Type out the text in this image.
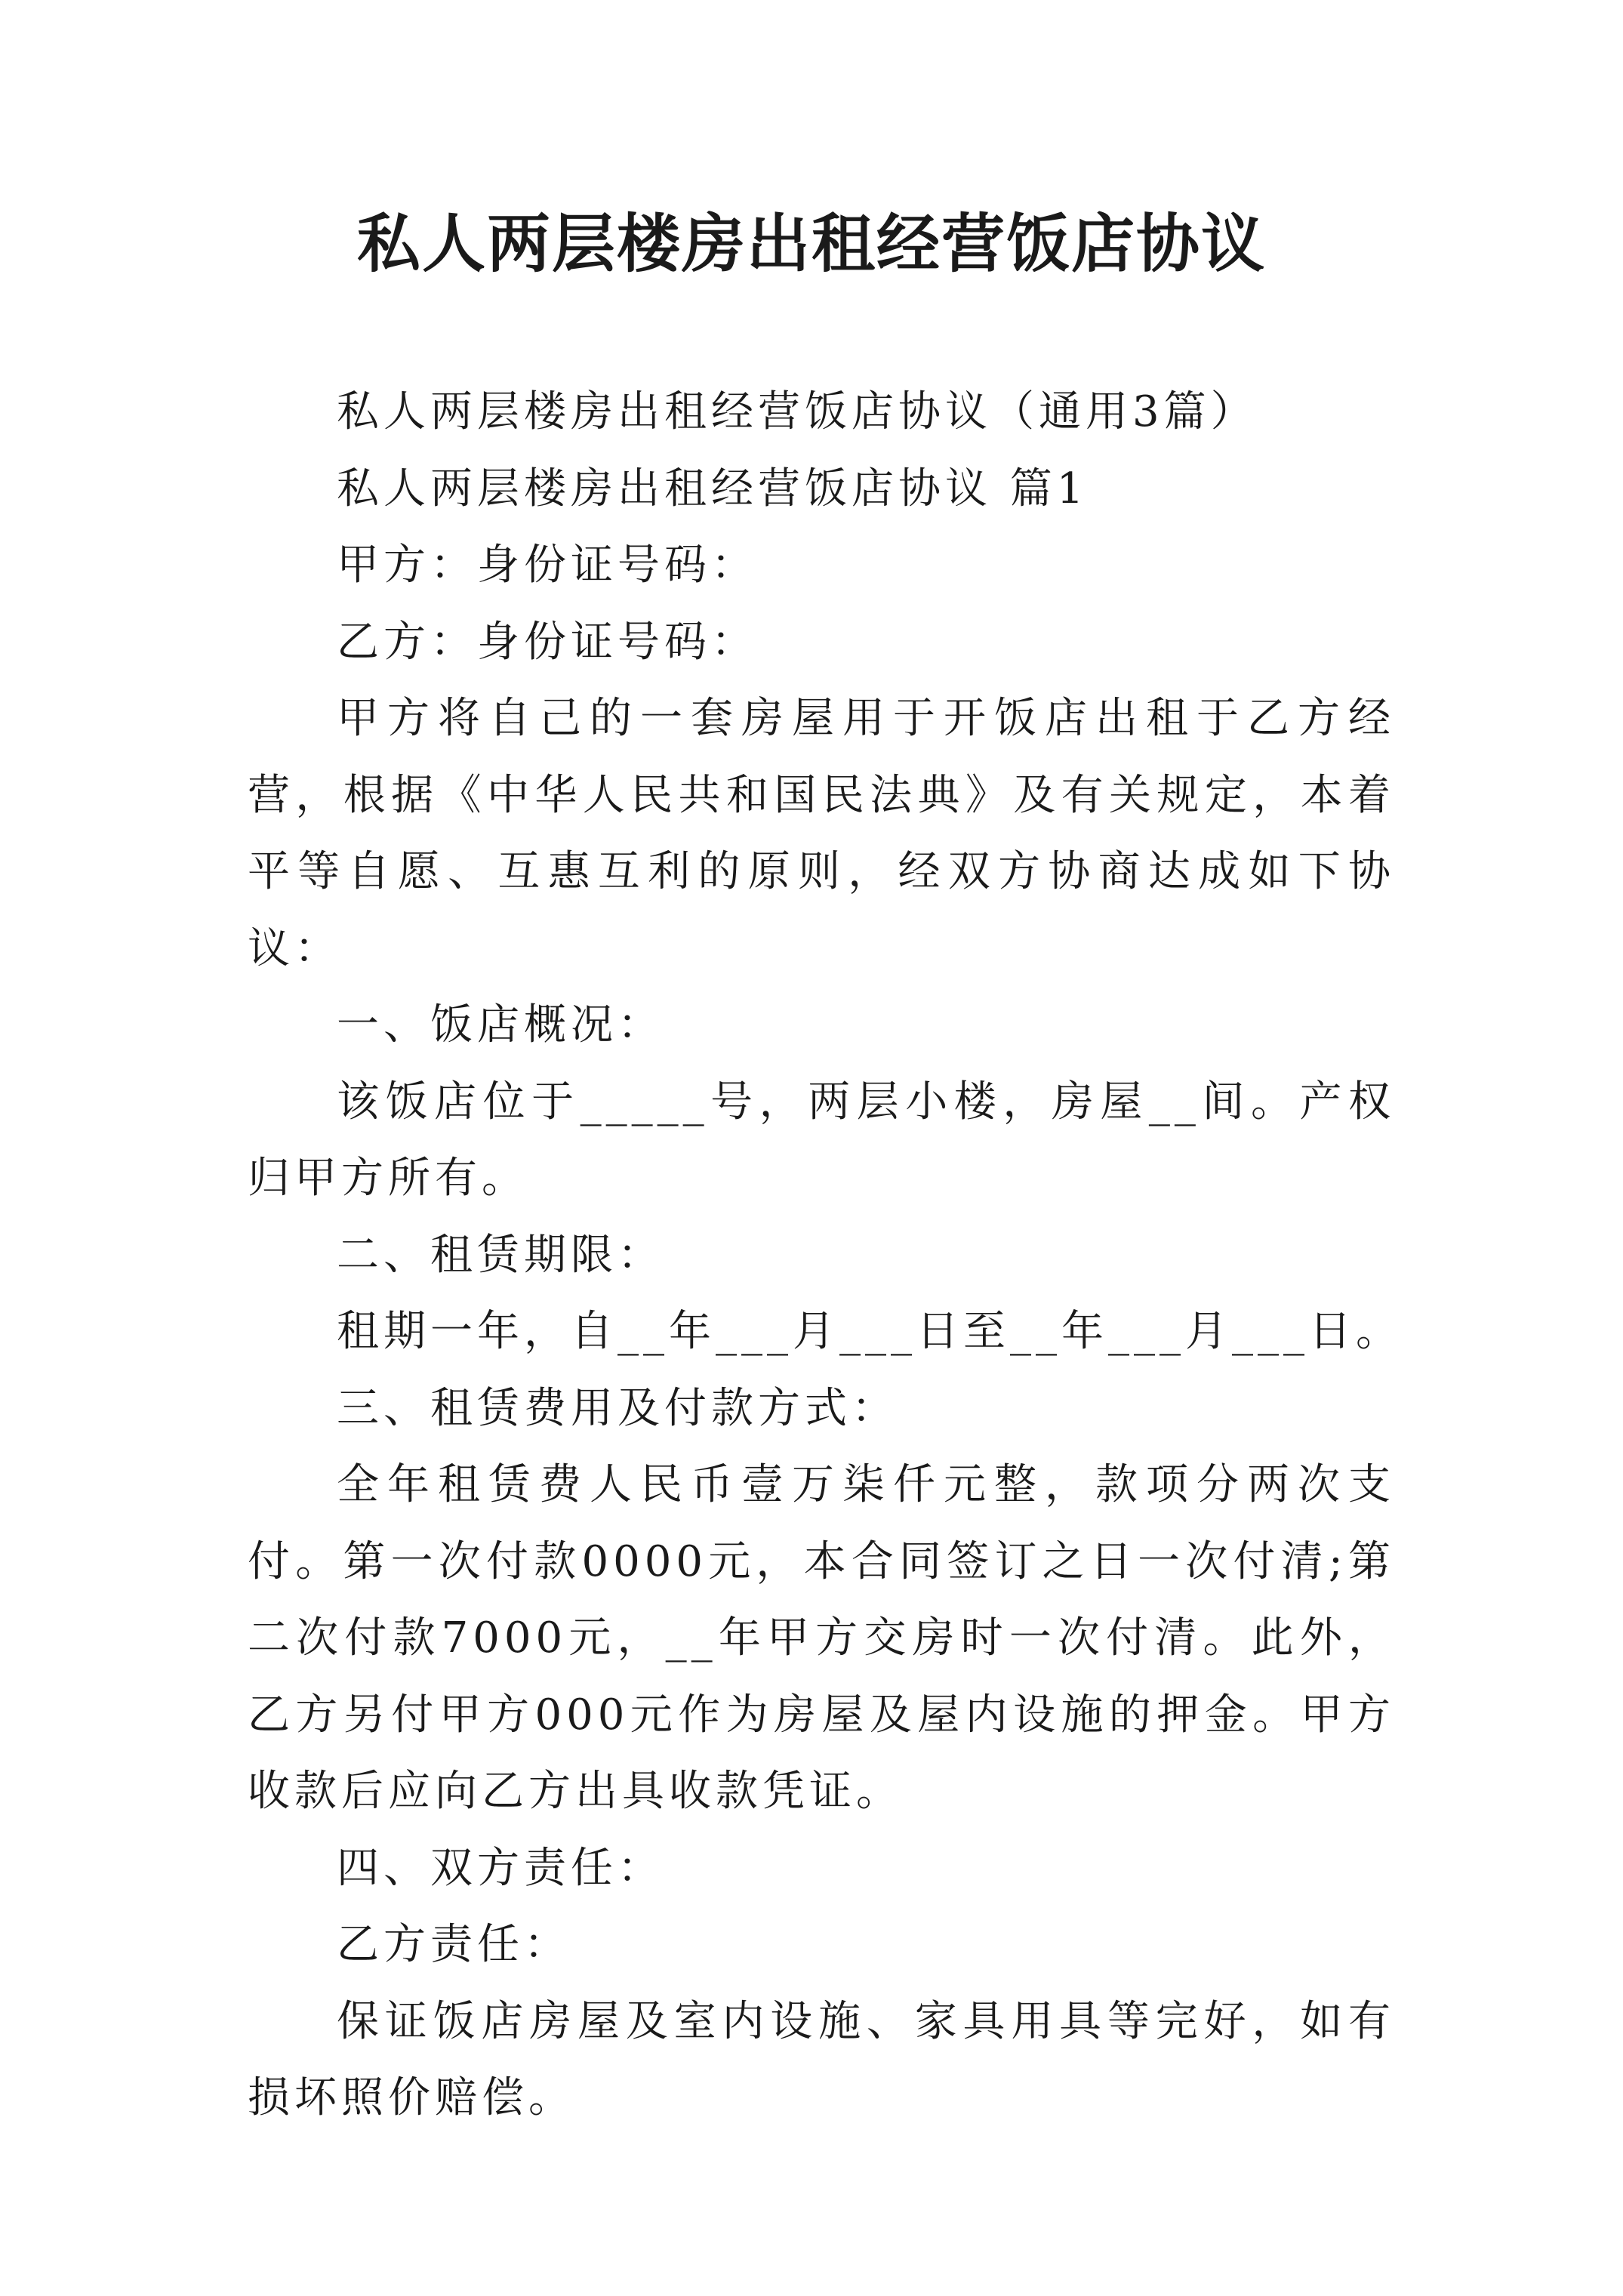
私人两层楼房出租经营饭店协议

私人两层楼房出租经营饭店协议（通用3篇）

私人两层楼房出租经营饭店协议 篇1

甲方：身份证号码：

乙方：身份证号码：

甲方将自己的一套房屋用于开饭店出租于乙方经营，根据《中华人民共和国民法典》及有关规定，本着平等自愿、互惠互利的原则，经双方协商达成如下协议：

一、饭店概况：

该饭店位于_____号，两层小楼，房屋__间。产权归甲方所有。

二、租赁期限：

租期一年，自__年___月___日至__年___月___日。

三、租赁费用及付款方式：

全年租赁费人民币壹万柒仟元整，款项分两次支付。第一次付款0000元，本合同签订之日一次付清;第二次付款7000元，__年甲方交房时一次付清。此外，乙方另付甲方000元作为房屋及屋内设施的押金。甲方收款后应向乙方出具收款凭证。

四、双方责任：

乙方责任：

保证饭店房屋及室内设施、家具用具等完好，如有损坏照价赔偿。
